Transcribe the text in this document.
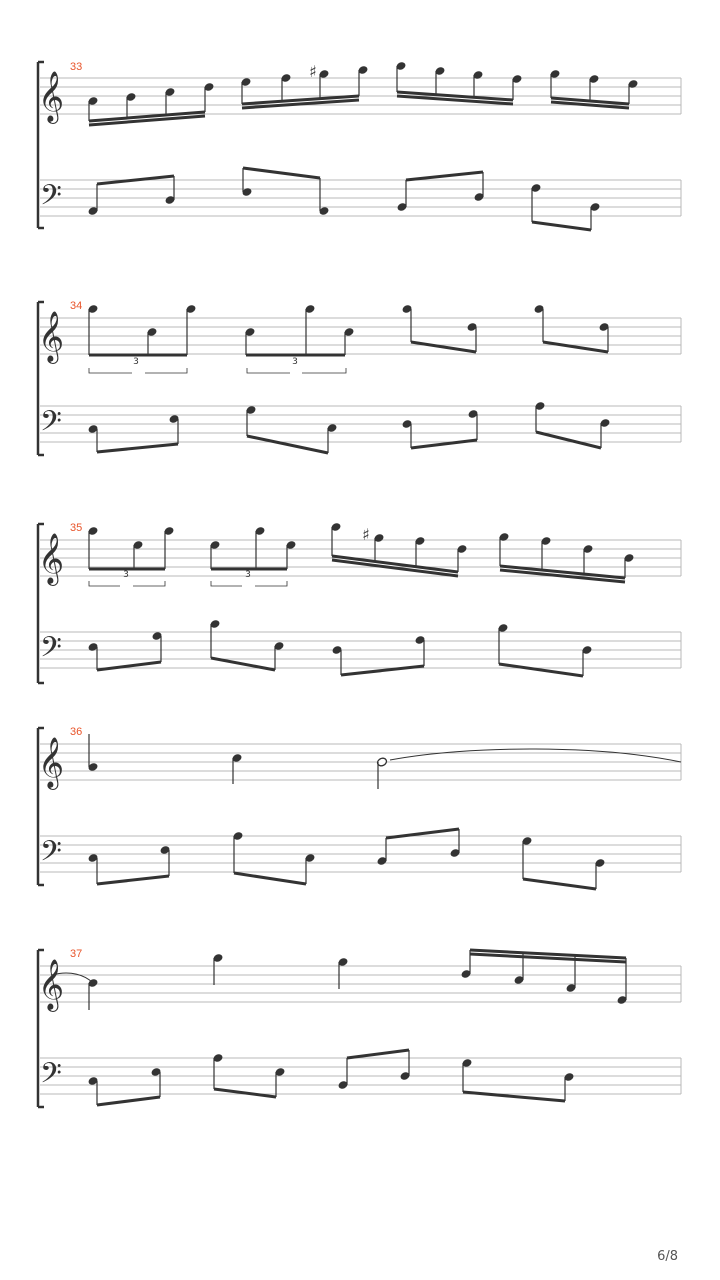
𝄞
𝄢
𝄞
𝄢
𝄞
𝄢
𝄞
𝄢
𝄞
𝄢
♯
♯
33
34
35
36
37
3	3
3	3
6/8
